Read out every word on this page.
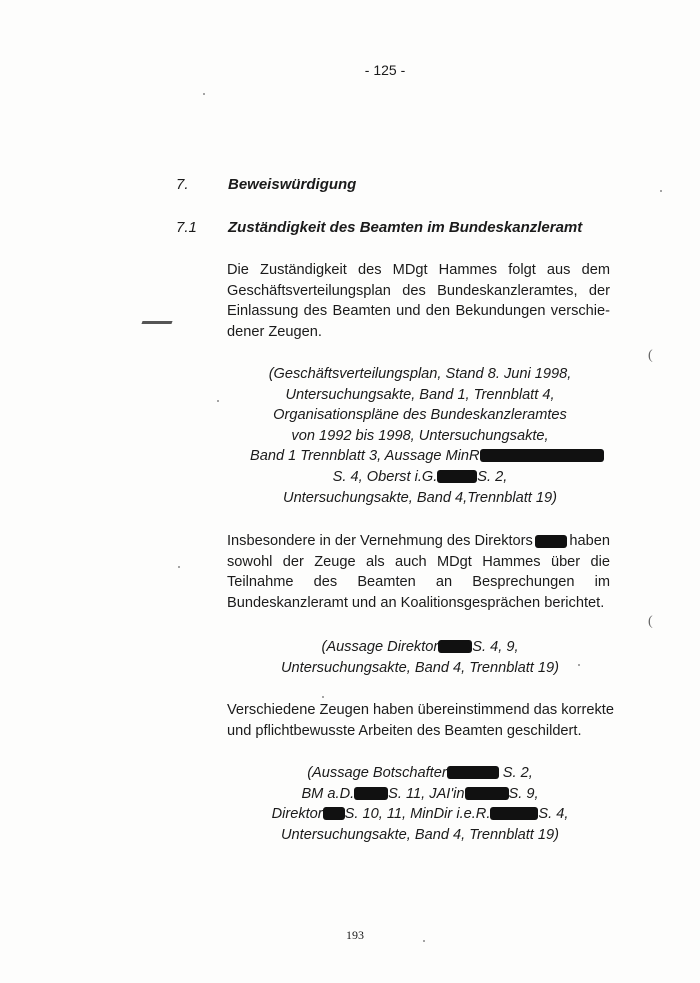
- 125 -
7.	Beweiswürdigung
7.1 Zuständigkeit des Beamten im Bundeskanzleramt
Die Zuständigkeit des MDgt Hammes folgt aus dem
Geschäftsverteilungsplan des Bundeskanzleramtes, der
Einlassung des Beamten und den Bekundungen verschie-
dener Zeugen.
(
(Geschäftsverteilungsplan, Stand 8. Juni 1998,
Untersuchungsakte, Band 1, Trennblatt 4,
Organisationspläne des Bundeskanzleramtes
von 1992 bis 1998, Untersuchungsakte,
Band 1 Trennblatt 3, Aussage MinR
S. 4, Oberst i.G.	S. 2,
Untersuchungsakte, Band 4,Trennblatt 19)
Insbesondere in der Vernehmung des Direktors	haben
sowohl der Zeuge als auch MDgt Hammes über die
Teilnahme des Beamten an Besprechungen im
Bundeskanzleramt und an Koalitionsgesprächen berichtet.
(
(Aussage Direktor S. 4, 9,
Untersuchungsakte, Band 4, Trennblatt 19)
Verschiedene Zeugen haben übereinstimmend das korrekte
und pflichtbewusste Arbeiten des Beamten geschildert.
(Aussage Botschafter	S. 2,
BM a.D. S. 11, JAI'in	S. 9,
Direktor S. 10, 11, MinDir i.e.R.	S. 4,
Untersuchungsakte, Band 4, Trennblatt 19)
193
